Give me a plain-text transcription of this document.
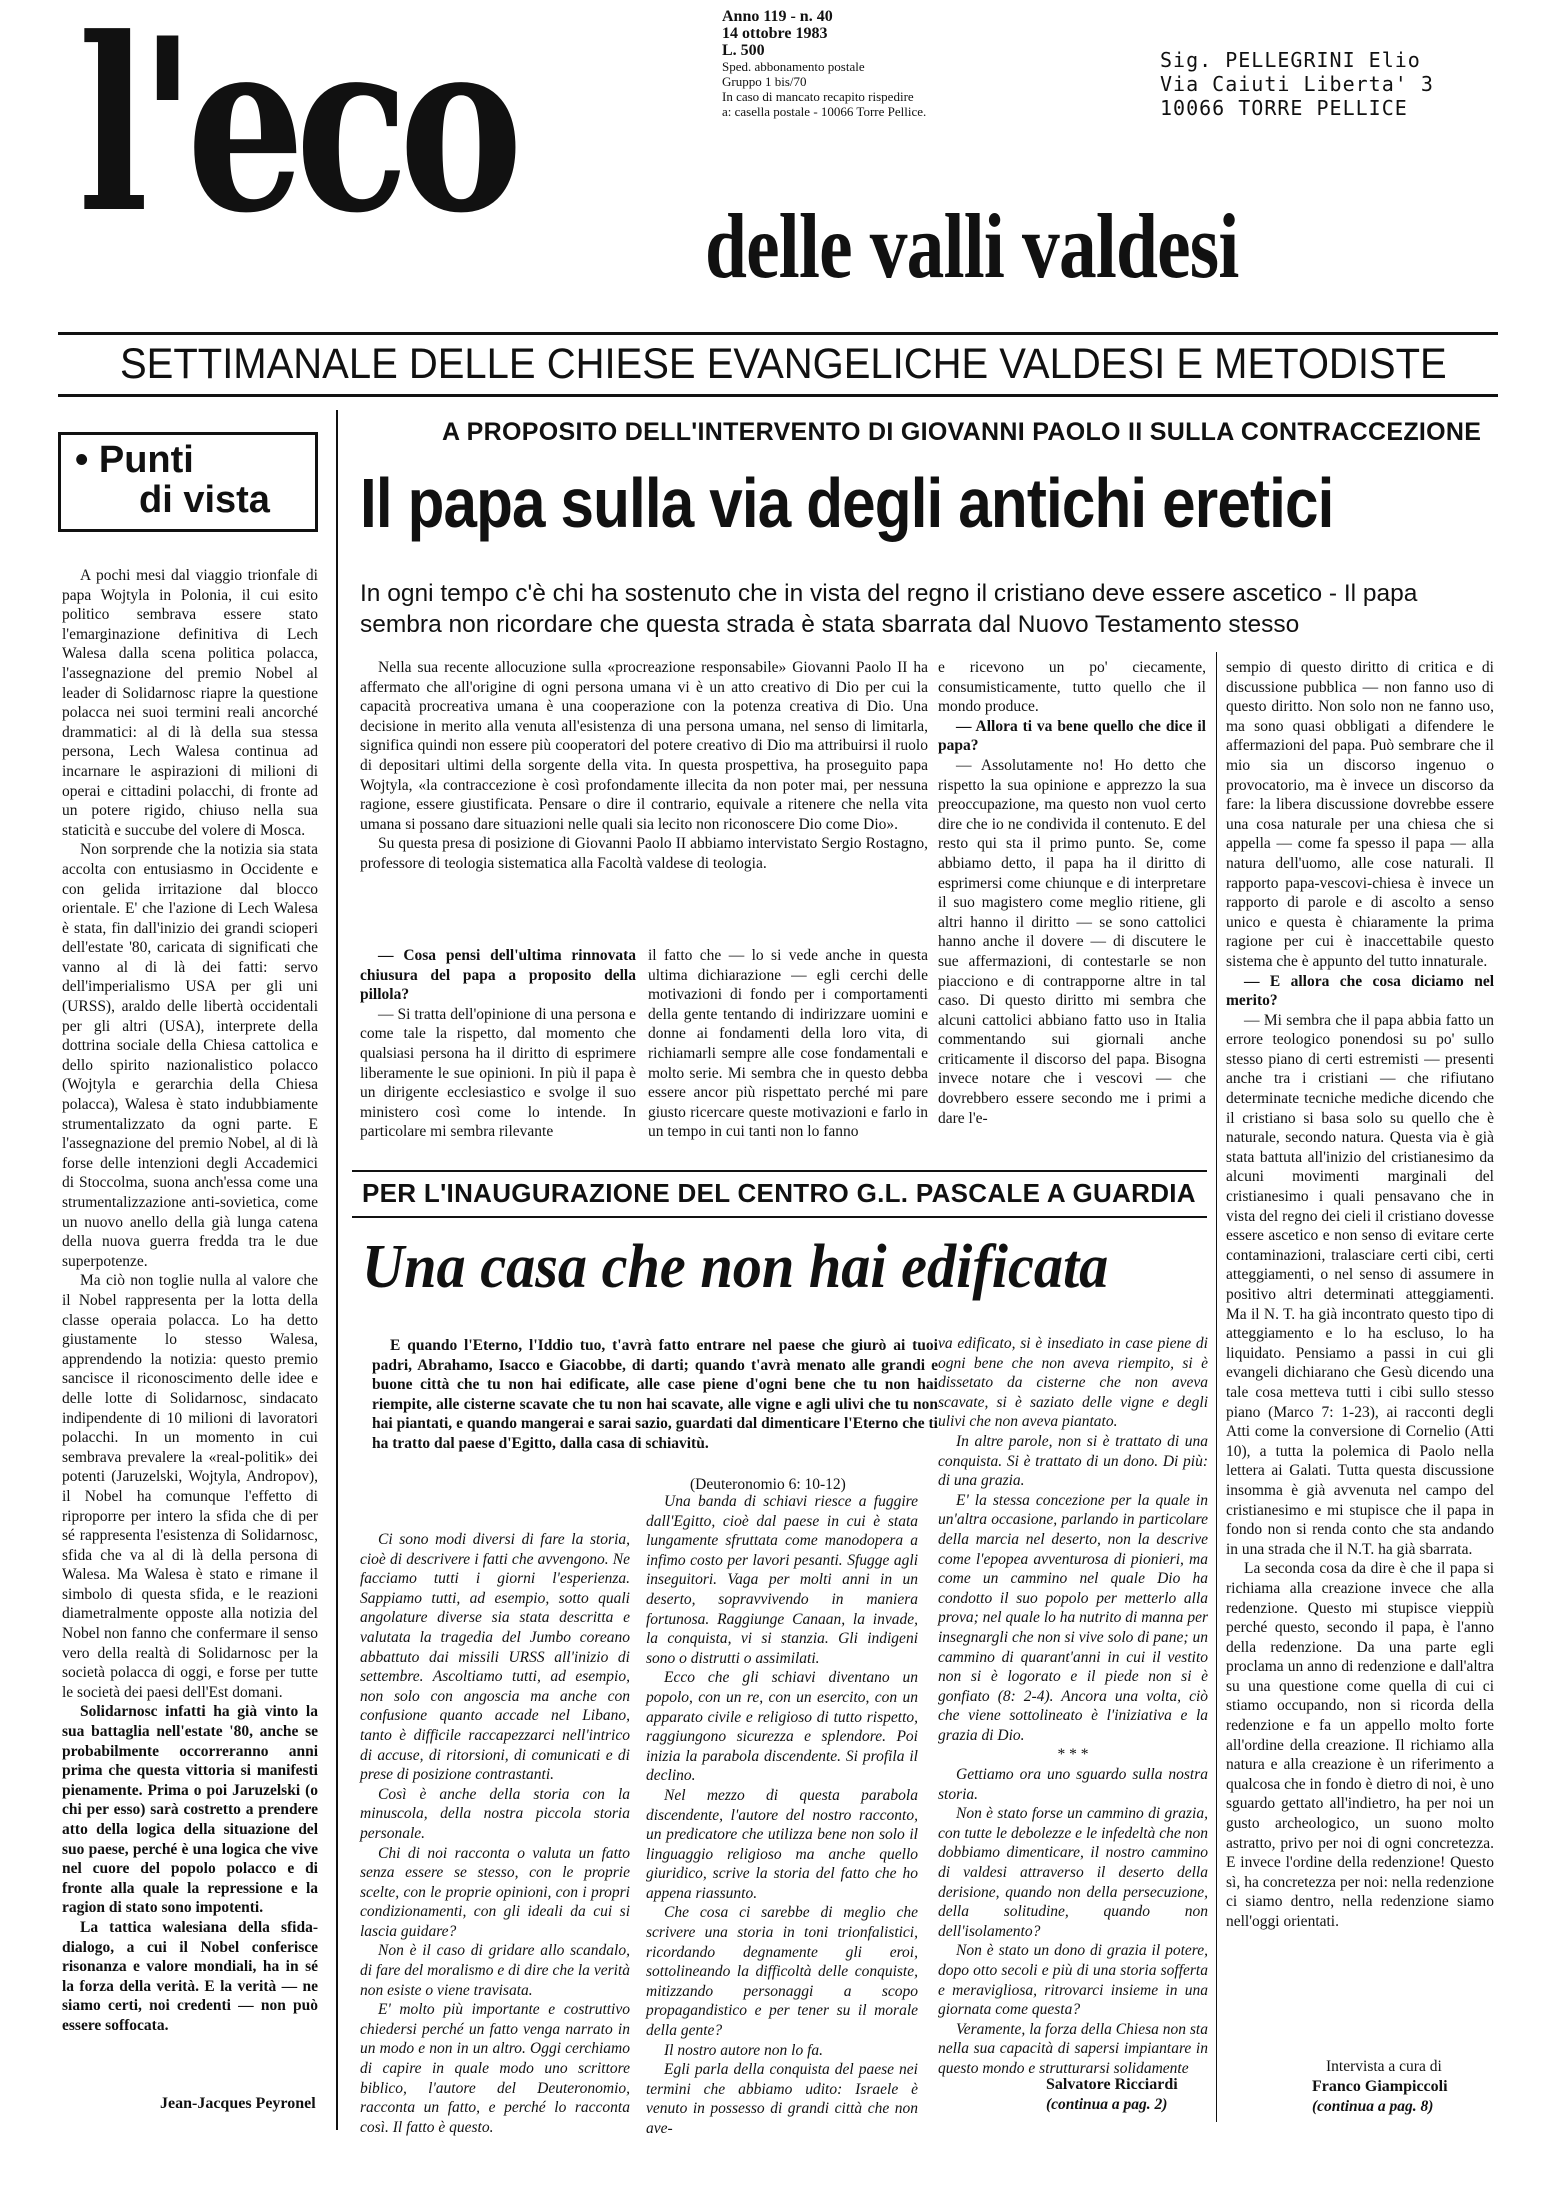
l'eco	Anno 119 - n. 40
14 ottobre 1983
L. 500
Sped. abbonamento postale
Gruppo 1 bis/70
In caso di mancato recapito rispedire
a: casella postale - 10066 Torre Pellice.
Sig. PELLEGRINI Elio
Via Caiuti Liberta' 3
10066 TORRE PELLICE
delle valli valdesi
SETTIMANALE DELLE CHIESE EVANGELICHE VALDESI E METODISTE
• Punti
di vista

A pochi mesi dal viaggio trionfale di papa Wojtyla in Polonia, il cui esito politico sembrava essere stato l'emarginazione definitiva di Lech Walesa dalla scena politica polacca, l'assegnazione del premio Nobel al leader di Solidarnosc riapre la questione polacca nei suoi termini reali ancorché drammatici: al di là della sua stessa persona, Lech Walesa continua ad incarnare le aspirazioni di milioni di operai e cittadini polacchi, di fronte ad un potere rigido, chiuso nella sua staticità e succube del volere di Mosca.

Non sorprende che la notizia sia stata accolta con entusiasmo in Occidente e con gelida irritazione dal blocco orientale. E' che l'azione di Lech Walesa è stata, fin dall'inizio dei grandi scioperi dell'estate '80, caricata di significati che vanno al di là dei fatti: servo dell'imperialismo USA per gli uni (URSS), araldo delle libertà occidentali per gli altri (USA), interprete della dottrina sociale della Chiesa cattolica e dello spirito nazionalistico polacco (Wojtyla e gerarchia della Chiesa polacca), Walesa è stato indubbiamente strumentalizzato da ogni parte. E l'assegnazione del premio Nobel, al di là forse delle intenzioni degli Accademici di Stoccolma, suona anch'essa come una strumentalizzazione anti-sovietica, come un nuovo anello della già lunga catena della nuova guerra fredda tra le due superpotenze.

Ma ciò non toglie nulla al valore che il Nobel rappresenta per la lotta della classe operaia polacca. Lo ha detto giustamente lo stesso Walesa, apprendendo la notizia: questo premio sancisce il riconoscimento delle idee e delle lotte di Solidarnosc, sindacato indipendente di 10 milioni di lavoratori polacchi. In un momento in cui sembrava prevalere la «real-politik» dei potenti (Jaruzelski, Wojtyla, Andropov), il Nobel ha comunque l'effetto di riproporre per intero la sfida che di per sé rappresenta l'esistenza di Solidarnosc, sfida che va al di là della persona di Walesa. Ma Walesa è stato e rimane il simbolo di questa sfida, e le reazioni diametralmente opposte alla notizia del Nobel non fanno che confermare il senso vero della realtà di Solidarnosc per la società polacca di oggi, e forse per tutte le società dei paesi dell'Est domani.

Solidarnosc infatti ha già vinto la sua battaglia nell'estate '80, anche se probabilmente occorreranno anni prima che questa vittoria si manifesti pienamente. Prima o poi Jaruzelski (o chi per esso) sarà costretto a prendere atto della logica della situazione del suo paese, perché è una logica che vive nel cuore del popolo polacco e di fronte alla quale la repressione e la ragion di stato sono impotenti.

La tattica walesiana della sfida-dialogo, a cui il Nobel conferisce risonanza e valore mondiali, ha in sé la forza della verità. E la verità — ne siamo certi, noi credenti — non può essere soffocata.

Jean-Jacques Peyronel
A PROPOSITO DELL'INTERVENTO DI GIOVANNI PAOLO II SULLA CONTRACCEZIONE
Il papa sulla via degli antichi eretici
In ogni tempo c'è chi ha sostenuto che in vista del regno il cristiano deve essere ascetico - Il papa sembra non ricordare che questa strada è stata sbarrata dal Nuovo Testamento stesso

Nella sua recente allocuzione sulla «procreazione responsabile» Giovanni Paolo II ha affermato che all'origine di ogni persona umana vi è un atto creativo di Dio per cui la capacità procreativa umana è una cooperazione con la potenza creativa di Dio. Una decisione in merito alla venuta all'esistenza di una persona umana, nel senso di limitarla, significa quindi non essere più cooperatori del potere creativo di Dio ma attribuirsi il ruolo di depositari ultimi della sorgente della vita. In questa prospettiva, ha proseguito papa Wojtyla, «la contraccezione è così profondamente illecita da non poter mai, per nessuna ragione, essere giustificata. Pensare o dire il contrario, equivale a ritenere che nella vita umana si possano dare situazioni nelle quali sia lecito non riconoscere Dio come Dio».

Su questa presa di posizione di Giovanni Paolo II abbiamo intervistato Sergio Rostagno, professore di teologia sistematica alla Facoltà valdese di teologia.

— Cosa pensi dell'ultima rinnovata chiusura del papa a proposito della pillola?

— Si tratta dell'opinione di una persona e come tale la rispetto, dal momento che qualsiasi persona ha il diritto di esprimere liberamente le sue opinioni. In più il papa è un dirigente ecclesiastico e svolge il suo ministero così come lo intende. In particolare mi sembra rilevante

il fatto che — lo si vede anche in questa ultima dichiarazione — egli cerchi delle motivazioni di fondo per i comportamenti della gente tentando di indirizzare uomini e donne ai fondamenti della loro vita, di richiamarli sempre alle cose fondamentali e molto serie. Mi sembra che in questo debba essere ancor più rispettato perché mi pare giusto ricercare queste motivazioni e farlo in un tempo in cui tanti non lo fanno

e ricevono un po' ciecamente, consumisticamente, tutto quello che il mondo produce.

— Allora ti va bene quello che dice il papa?

— Assolutamente no! Ho detto che rispetto la sua opinione e apprezzo la sua preoccupazione, ma questo non vuol certo dire che io ne condivida il contenuto. E del resto qui sta il primo punto. Se, come abbiamo detto, il papa ha il diritto di esprimersi come chiunque e di interpretare il suo magistero come meglio ritiene, gli altri hanno il diritto — se sono cattolici hanno anche il dovere — di discutere le sue affermazioni, di contestarle se non piacciono e di contrapporne altre in tal caso. Di questo diritto mi sembra che alcuni cattolici abbiano fatto uso in Italia commentando sui giornali anche criticamente il discorso del papa. Bisogna invece notare che i vescovi — che dovrebbero essere secondo me i primi a dare l'e-

sempio di questo diritto di critica e di discussione pubblica — non fanno uso di questo diritto. Non solo non ne fanno uso, ma sono quasi obbligati a difendere le affermazioni del papa. Può sembrare che il mio sia un discorso ingenuo o provocatorio, ma è invece un discorso da fare: la libera discussione dovrebbe essere una cosa naturale per una chiesa che si appella — come fa spesso il papa — alla natura dell'uomo, alle cose naturali. Il rapporto papa-vescovi-chiesa è invece un rapporto di parole e di ascolto a senso unico e questa è chiaramente la prima ragione per cui è inaccettabile questo sistema che è appunto del tutto innaturale.

— E allora che cosa diciamo nel merito?

— Mi sembra che il papa abbia fatto un errore teologico ponendosi su po' sullo stesso piano di certi estremisti — presenti anche tra i cristiani — che rifiutano determinate tecniche mediche dicendo che il cristiano si basa solo su quello che è naturale, secondo natura. Questa via è già stata battuta all'inizio del cristianesimo da alcuni movimenti marginali del cristianesimo i quali pensavano che in vista del regno dei cieli il cristiano dovesse essere ascetico e non senso di evitare certe contaminazioni, tralasciare certi cibi, certi atteggiamenti, o nel senso di assumere in positivo altri determinati atteggiamenti. Ma il N. T. ha già incontrato questo tipo di atteggiamento e lo ha escluso, lo ha liquidato. Pensiamo a passi in cui gli evangeli dichiarano che Gesù dicendo una tale cosa metteva tutti i cibi sullo stesso piano (Marco 7: 1-23), ai racconti degli Atti come la conversione di Cornelio (Atti 10), a tutta la polemica di Paolo nella lettera ai Galati. Tutta questa discussione insomma è già avvenuta nel campo del cristianesimo e mi stupisce che il papa in fondo non si renda conto che sta andando in una strada che il N.T. ha già sbarrata.

La seconda cosa da dire è che il papa si richiama alla creazione invece che alla redenzione. Questo mi stupisce vieppiù perché questo, secondo il papa, è l'anno della redenzione. Da una parte egli proclama un anno di redenzione e dall'altra su una questione come quella di cui ci stiamo occupando, non si ricorda della redenzione e fa un appello molto forte all'ordine della creazione. Il richiamo alla natura e alla creazione è un riferimento a qualcosa che in fondo è dietro di noi, è uno sguardo gettato all'indietro, ha per noi un gusto archeologico, un suono molto astratto, privo per noi di ogni concretezza. E invece l'ordine della redenzione! Questo sì, ha concretezza per noi: nella redenzione ci siamo dentro, nella redenzione siamo nell'oggi orientati.

Intervista a cura di
Franco Giampiccoli
(continua a pag. 8)
PER L'INAUGURAZIONE DEL CENTRO G.L. PASCALE A GUARDIA
Una casa che non hai edificata

E quando l'Eterno, l'Iddio tuo, t'avrà fatto entrare nel paese che giurò ai tuoi padri, Abrahamo, Isacco e Giacobbe, di darti; quando t'avrà menato alle grandi e buone città che tu non hai edificate, alle case piene d'ogni bene che tu non hai riempite, alle cisterne scavate che tu non hai scavate, alle vigne e agli ulivi che tu non hai piantati, e quando mangerai e sarai sazio, guardati dal dimenticare l'Eterno che ti ha tratto dal paese d'Egitto, dalla casa di schiavitù.

(Deuteronomio 6: 10-12)

Ci sono modi diversi di fare la storia, cioè di descrivere i fatti che avvengono. Ne facciamo tutti i giorni l'esperienza. Sappiamo tutti, ad esempio, sotto quali angolature diverse sia stata descritta e valutata la tragedia del Jumbo coreano abbattuto dai missili URSS all'inizio di settembre. Ascoltiamo tutti, ad esempio, non solo con angoscia ma anche con confusione quanto accade nel Libano, tanto è difficile raccapezzarci nell'intrico di accuse, di ritorsioni, di comunicati e di prese di posizione contrastanti.

Così è anche della storia con la minuscola, della nostra piccola storia personale.

Chi di noi racconta o valuta un fatto senza essere se stesso, con le proprie scelte, con le proprie opinioni, con i propri condizionamenti, con gli ideali da cui si lascia guidare?

Non è il caso di gridare allo scandalo, di fare del moralismo e di dire che la verità non esiste o viene travisata.

E' molto più importante e costruttivo chiedersi perché un fatto venga narrato in un modo e non in un altro. Oggi cerchiamo di capire in quale modo uno scrittore biblico, l'autore del Deuteronomio, racconta un fatto, e perché lo racconta così. Il fatto è questo.

Una banda di schiavi riesce a fuggire dall'Egitto, cioè dal paese in cui è stata lungamente sfruttata come manodopera a infimo costo per lavori pesanti. Sfugge agli inseguitori. Vaga per molti anni in un deserto, sopravvivendo in maniera fortunosa. Raggiunge Canaan, la invade, la conquista, vi si stanzia. Gli indigeni sono o distrutti o assimilati.

Ecco che gli schiavi diventano un popolo, con un re, con un esercito, con un apparato civile e religioso di tutto rispetto, raggiungono sicurezza e splendore. Poi inizia la parabola discendente. Si profila il declino.

Nel mezzo di questa parabola discendente, l'autore del nostro racconto, un predicatore che utilizza bene non solo il linguaggio religioso ma anche quello giuridico, scrive la storia del fatto che ho appena riassunto.

Che cosa ci sarebbe di meglio che scrivere una storia in toni trionfalistici, ricordando degnamente gli eroi, sottolineando la difficoltà delle conquiste, mitizzando personaggi a scopo propagandistico e per tener su il morale della gente?

Il nostro autore non lo fa.

Egli parla della conquista del paese nei termini che abbiamo udito: Israele è venuto in possesso di grandi città che non ave-

va edificato, si è insediato in case piene di ogni bene che non aveva riempito, si è dissetato da cisterne che non aveva scavate, si è saziato delle vigne e degli ulivi che non aveva piantato.

In altre parole, non si è trattato di una conquista. Si è trattato di un dono. Di più: di una grazia.

E' la stessa concezione per la quale in un'altra occasione, parlando in particolare della marcia nel deserto, non la descrive come l'epopea avventurosa di pionieri, ma come un cammino nel quale Dio ha condotto il suo popolo per metterlo alla prova; nel quale lo ha nutrito di manna per insegnargli che non si vive solo di pane; un cammino di quarant'anni in cui il vestito non si è logorato e il piede non si è gonfiato (8: 2-4). Ancora una volta, ciò che viene sottolineato è l'iniziativa e la grazia di Dio.

* * *

Gettiamo ora uno sguardo sulla nostra storia.

Non è stato forse un cammino di grazia, con tutte le debolezze e le infedeltà che non dobbiamo dimenticare, il nostro cammino di valdesi attraverso il deserto della derisione, quando non della persecuzione, della solitudine, quando non dell'isolamento?

Non è stato un dono di grazia il potere, dopo otto secoli e più di una storia sofferta e meravigliosa, ritrovarci insieme in una giornata come questa?

Veramente, la forza della Chiesa non sta nella sua capacità di sapersi impiantare in questo mondo e strutturarsi solidamente

Salvatore Ricciardi
(continua a pag. 2)
